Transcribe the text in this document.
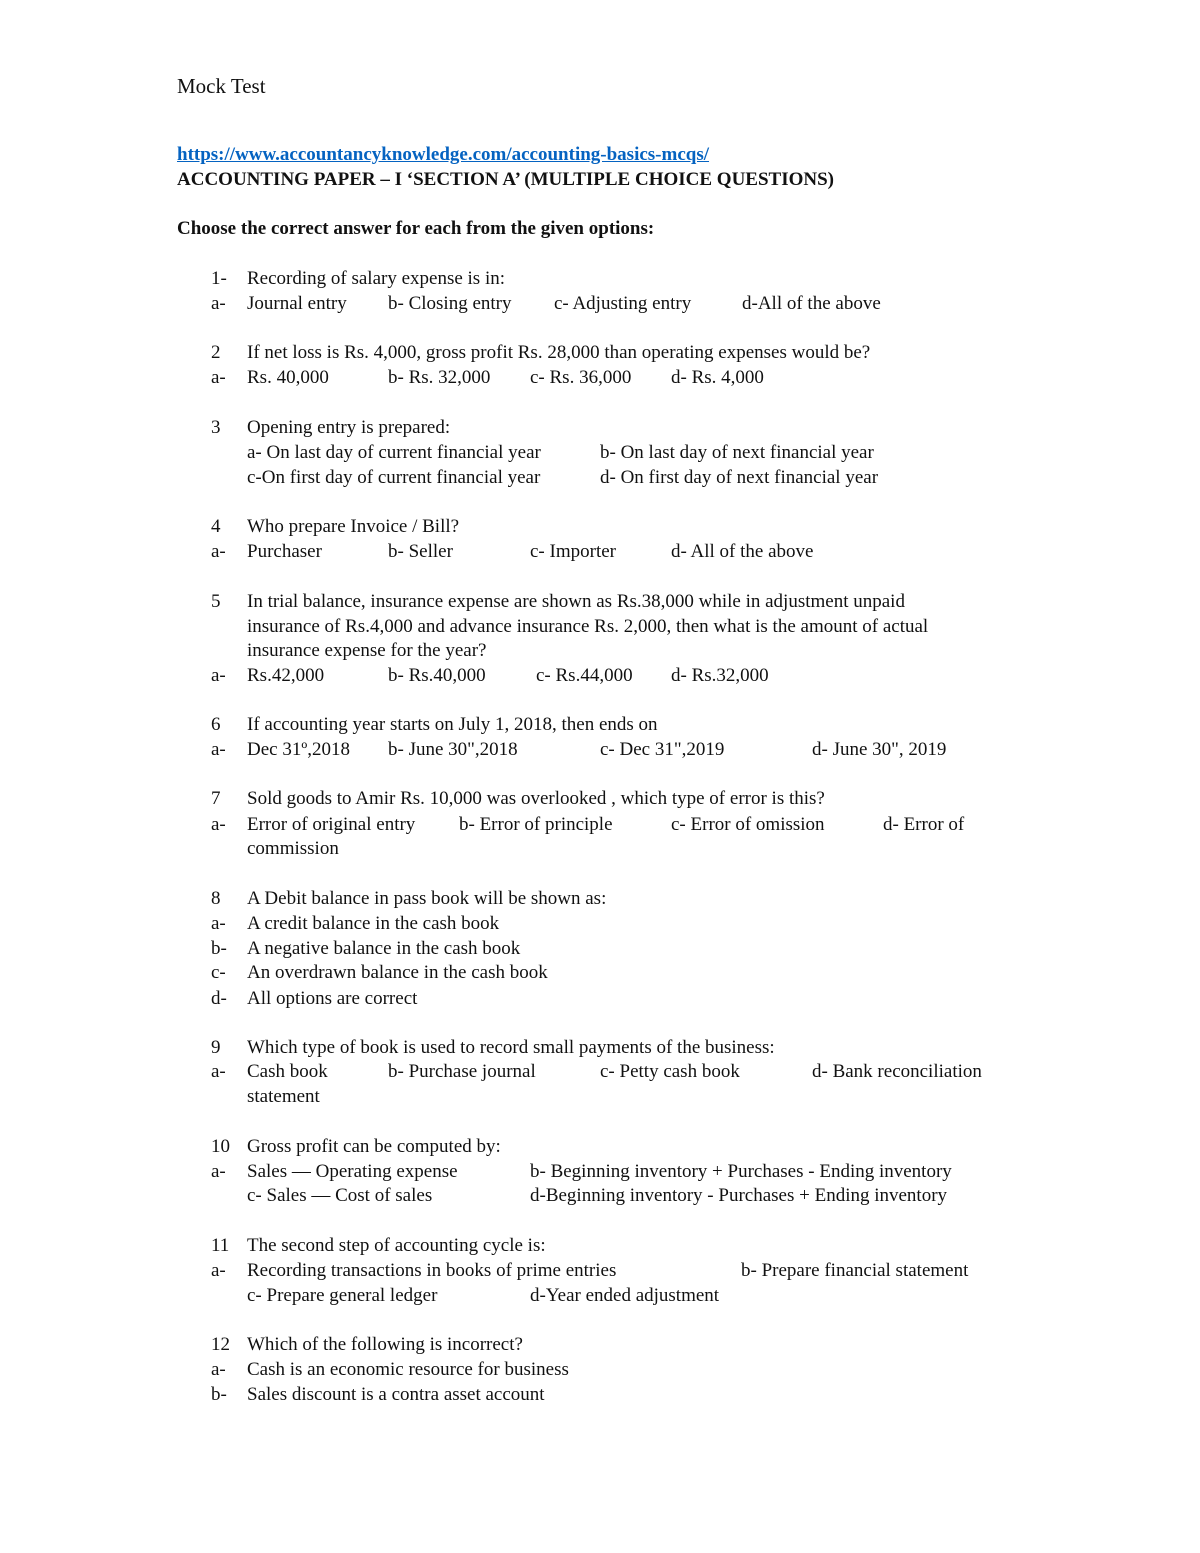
Mock Test
https://www.accountancyknowledge.com/accounting-basics-mcqs/
ACCOUNTING PAPER – I ‘SECTION A’ (MULTIPLE CHOICE QUESTIONS)
Choose the correct answer for each from the given options:
1- Recording of salary expense is in:
a- Journal entry b- Closing entry c- Adjusting entry	d-All of the above
2 If net loss is Rs. 4,000, gross profit Rs. 28,000 than operating expenses would be?
a- Rs. 40,000	b- Rs. 32,000 c- Rs. 36,000 d- Rs. 4,000
3 Opening entry is prepared:
a- On last day of current financial year	b- On last day of next financial year
c-On first day of current financial year	d- On first day of next financial year
4 Who prepare Invoice / Bill?
a- Purchaser	b- Seller	c- Importer	d- All of the above
5 In trial balance, insurance expense are shown as Rs.38,000 while in adjustment unpaid
insurance of Rs.4,000 and advance insurance Rs. 2,000, then what is the amount of actual
insurance expense for the year?
a- Rs.42,000	b- Rs.40,000	c- Rs.44,000 d- Rs.32,000
6 If accounting year starts on July 1, 2018, then ends on
a- Dec 31º,2018 b- June 30",2018	c- Dec 31",2019	d- June 30", 2019
7 Sold goods to Amir Rs. 10,000 was overlooked , which type of error is this?
a- Error of original entry b- Error of principle	c- Error of omission	d- Error of
commission
8 A Debit balance in pass book will be shown as:
a- A credit balance in the cash book
b- A negative balance in the cash book
c- An overdrawn balance in the cash book
d- All options are correct
9 Which type of book is used to record small payments of the business:
a- Cash book	b- Purchase journal	c- Petty cash book	d- Bank reconciliation
statement
10 Gross profit can be computed by:
a- Sales — Operating expense	b- Beginning inventory + Purchases - Ending inventory
c- Sales — Cost of sales	d-Beginning inventory - Purchases + Ending inventory
11 The second step of accounting cycle is:
a- Recording transactions in books of prime entries	b- Prepare financial statement
c- Prepare general ledger	d-Year ended adjustment
12 Which of the following is incorrect?
a- Cash is an economic resource for business
b- Sales discount is a contra asset account
